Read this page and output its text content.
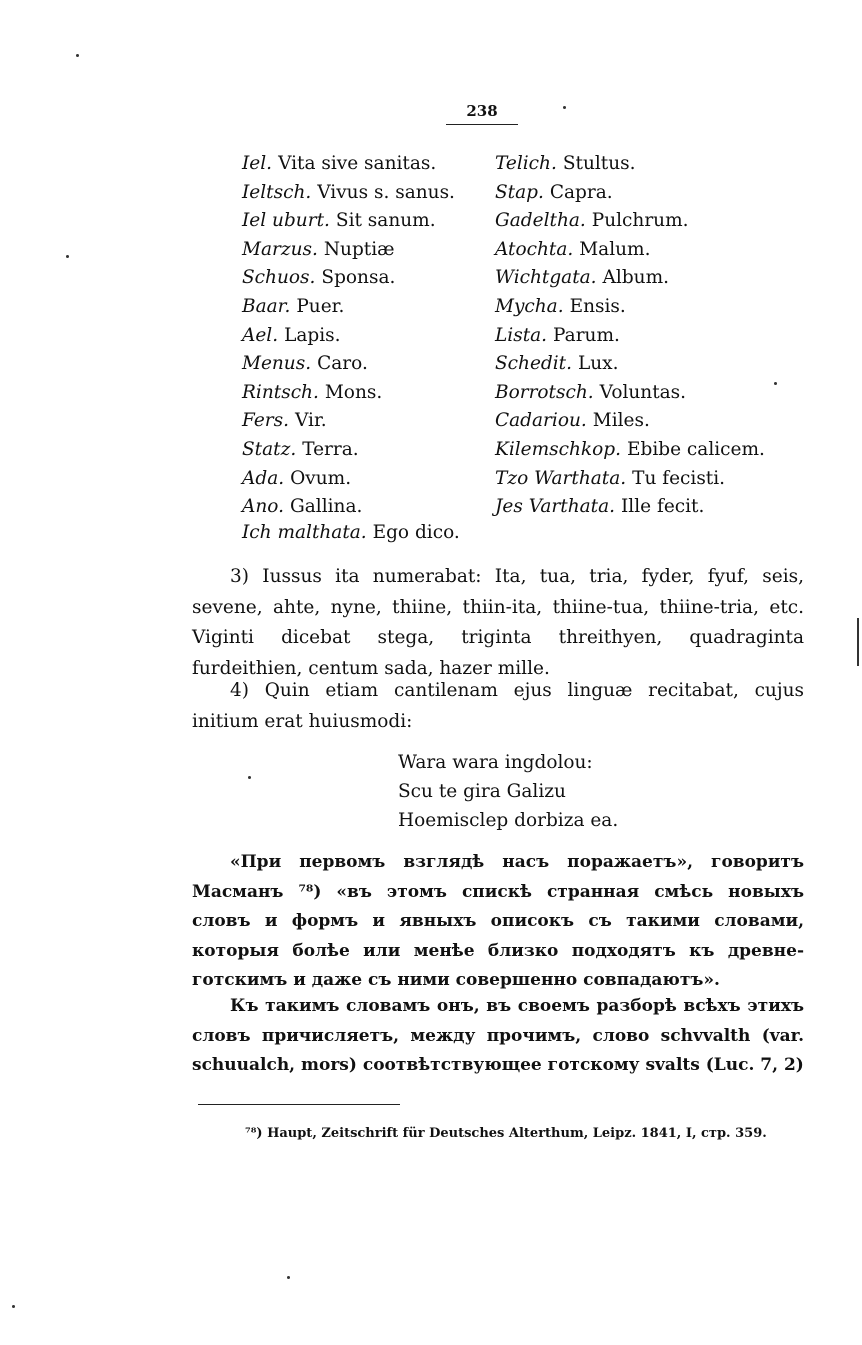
238
Iel. Vita sive sanitas.
Ieltsch. Vivus s. sanus.
Iel uburt. Sit sanum.
Marzus. Nuptiæ
Schuos. Sponsa.
Baar. Puer.
Ael. Lapis.
Menus. Caro.
Rintsch. Mons.
Fers. Vir.
Statz. Terra.
Ada. Ovum.
Ano. Gallina.
Telich. Stultus.
Stap. Capra.
Gadeltha. Pulchrum.
Atochta. Malum.
Wichtgata. Album.
Mycha. Ensis.
Lista. Parum.
Schedit. Lux.
Borrotsch. Voluntas.
Cadariou. Miles.
Kilemschkop. Ebibe calicem.
Tzo Warthata. Tu fecisti.
Jes Varthata. Ille fecit.
Ich malthata. Ego dico.

3) Iussus ita numerabat: Ita, tua, tria, fyder, fyuf, seis, sevene, ahte, nyne, thiine, thiin-ita, thiine-tua, thiine-tria, etc. Viginti dicebat stega, triginta threithyen, quadraginta furdeithien, centum sada, hazer mille.

4) Quin etiam cantilenam ejus linguæ recitabat, cujus initium erat huiusmodi:

Wara wara ingdolou:
Scu te gira Galizu
Hoemisclep dorbiza ea.

«При первомъ взглядѣ насъ поражаетъ», говоритъ Масманъ ⁷⁸) «въ этомъ спискѣ странная смѣсь новыхъ словъ и формъ и явныхъ описокъ съ такими словами, которыя болѣе или менѣе близко подходятъ къ древне-готскимъ и даже съ ними совершенно совпадаютъ».

Къ такимъ словамъ онъ, въ своемъ разборѣ всѣхъ этихъ словъ причисляетъ, между прочимъ, слово schvvalth (var. schuualch, mors) соотвѣтствующее готскому svalts (Luc. 7, 2)

⁷⁸) Haupt, Zeitschrift für Deutsches Alterthum, Leipz. 1841, I, стр. 359.
